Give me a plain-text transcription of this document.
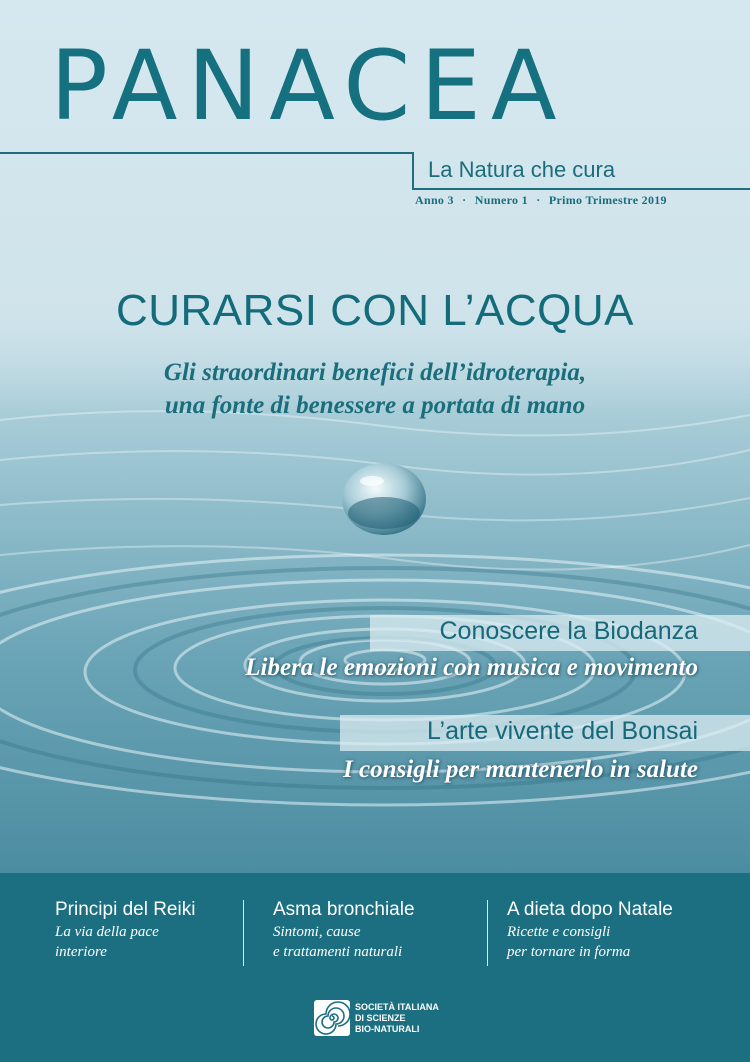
PANACEA
La Natura che cura
Anno 3 · Numero 1 · Primo Trimestre 2019
CURARSI CON L’ACQUA
Gli straordinari benefici dell’idroterapia,
una fonte di benessere a portata di mano
Conoscere la Biodanza
Libera le emozioni con musica e movimento
L’arte vivente del Bonsai
I consigli per mantenerlo in salute
Principi del Reiki
La via della pace
interiore
Asma bronchiale
Sintomi, cause
e trattamenti naturali
A dieta dopo Natale
Ricette e consigli
per tornare in forma
SOCIETÀ ITALIANA
DI SCIENZE
BIO-NATURALI
